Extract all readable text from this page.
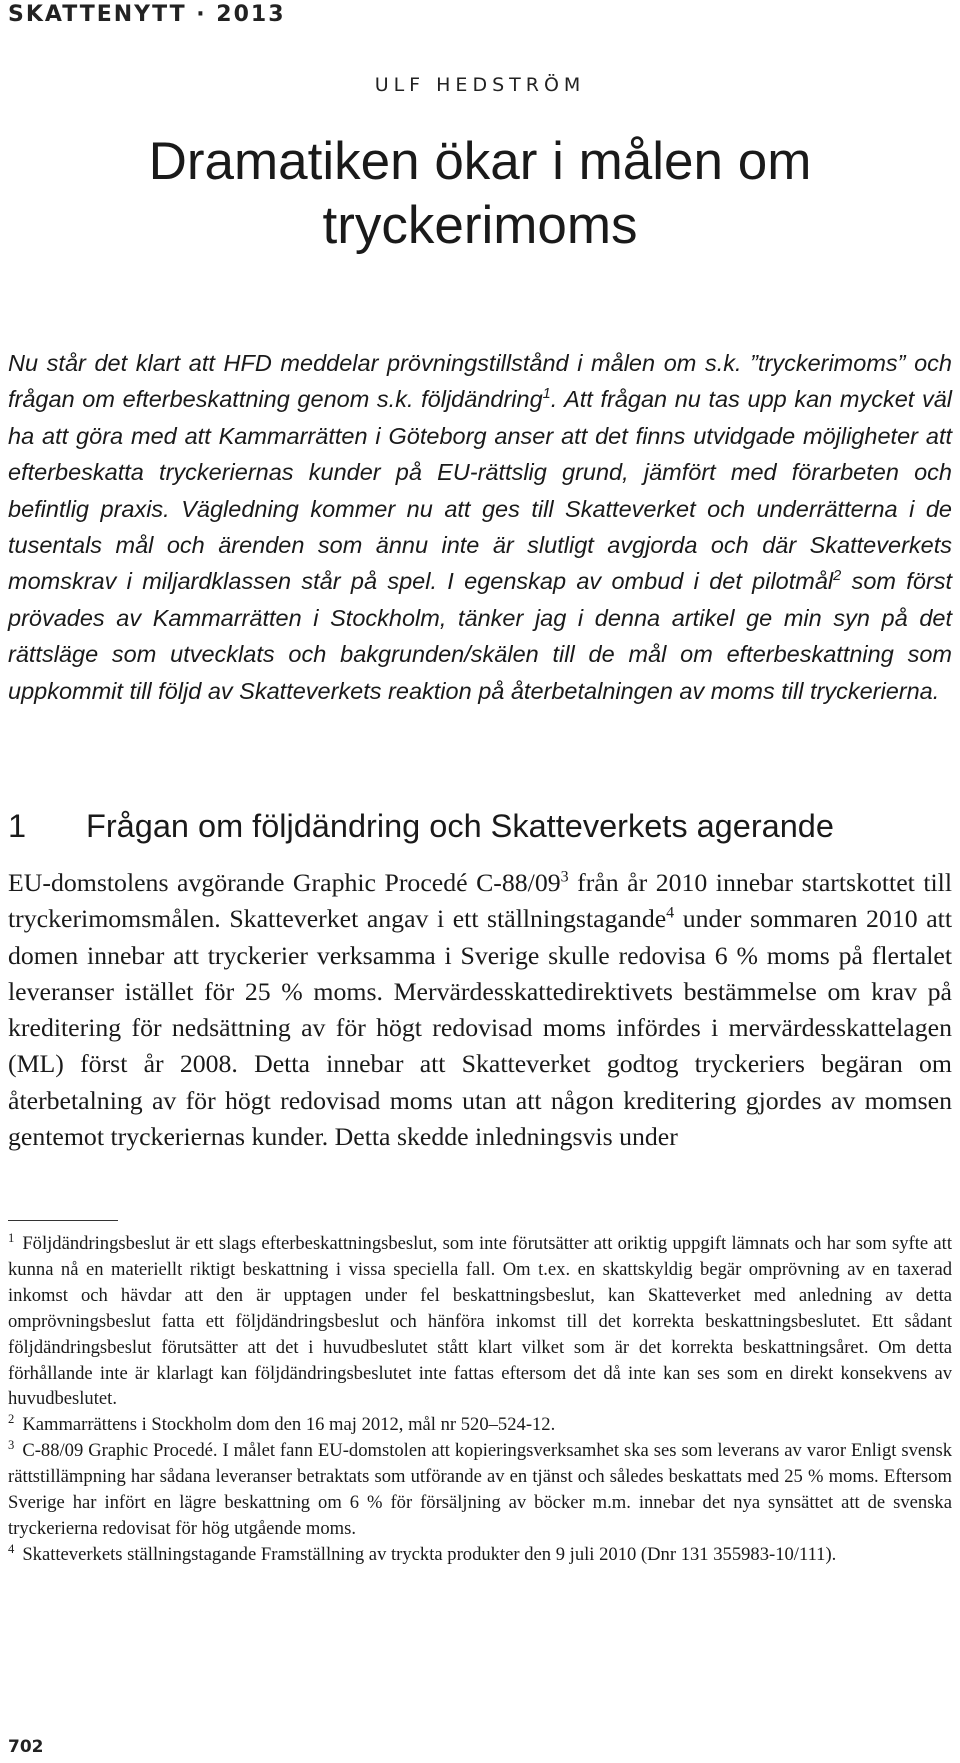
SKATTENYTT · 2013
ULF HEDSTRÖM
Dramatiken ökar i målen om tryckerimoms

Nu står det klart att HFD meddelar prövningstillstånd i målen om s.k. ”tryckerimoms” och frågan om efterbeskattning genom s.k. följdändring$^1$. Att frågan nu tas upp kan mycket väl ha att göra med att Kammarrätten i Göteborg anser att det finns utvidgade möjligheter att efterbeskatta tryckeriernas kunder på EU-rättslig grund, jämfört med förarbeten och befintlig praxis. Vägledning kommer nu att ges till Skatteverket och underrätterna i de tusentals mål och ärenden som ännu inte är slutligt avgjorda och där Skatteverkets momskrav i miljardklassen står på spel. I egenskap av ombud i det pilotmål$^2$ som först prövades av Kammarrätten i Stockholm, tänker jag i denna artikel ge min syn på det rättsläge som utvecklats och bakgrunden/skälen till de mål om efterbeskattning som uppkommit till följd av Skatteverkets reaktion på återbetalningen av moms till tryckerierna.

1 Frågan om följdändring och Skatteverkets agerande

EU-domstolens avgörande Graphic Procedé $C-88/09^3$ från år 2010 innebar startskottet till tryckerimomsmålen. Skatteverket angav i ett ställningstagande$^4$ under sommaren 2010 att domen innebar att tryckerier verksamma i Sverige skulle redovisa 6 % moms på flertalet leveranser istället för 25 % moms. Mervärdesskattedirektivets bestämmelse om krav på kreditering för nedsättning av för högt redovisad moms infördes i mervärdesskattelagen (ML) först år 2008. Detta innebar att Skatteverket godtog tryckeriers begäran om återbetalning av för högt redovisad moms utan att någon kreditering gjordes av momsen gentemot tryckeriernas kunder. Detta skedde inledningsvis under

$^1$ Följdändringsbeslut är ett slags efterbeskattningsbeslut, som inte förutsätter att oriktig uppgift lämnats och har som syfte att kunna nå en materiellt riktigt beskattning i vissa speciella fall. Om t.ex. en skattskyldig begär omprövning av en taxerad inkomst och hävdar att den är upptagen under fel beskattningsbeslut, kan Skatteverket med anledning av detta omprövningsbeslut fatta ett följdändringsbeslut och hänföra inkomst till det korrekta beskattningsbeslutet. Ett sådant följdändringsbeslut förutsätter att det i huvudbeslutet stått klart vilket som är det korrekta beskattningsåret. Om detta förhållande inte är klarlagt kan följdändringsbeslutet inte fattas eftersom det då inte kan ses som en direkt konsekvens av huvudbeslutet.

$^2$ Kammarrättens i Stockholm dom den 16 maj 2012, mål nr 520–524-12.

$^3$ C-88/09 Graphic Procedé. I målet fann EU-domstolen att kopieringsverksamhet ska ses som leverans av varor Enligt svensk rättstillämpning har sådana leveranser betraktats som utförande av en tjänst och således beskattats med 25 % moms. Eftersom Sverige har infört en lägre beskattning om 6 % för försäljning av böcker m.m. innebar det nya synsättet att de svenska tryckerierna redovisat för hög utgående moms.

$^4$ Skatteverkets ställningstagande Framställning av tryckta produkter den 9 juli 2010 (Dnr 131 355983-10/111).

702
